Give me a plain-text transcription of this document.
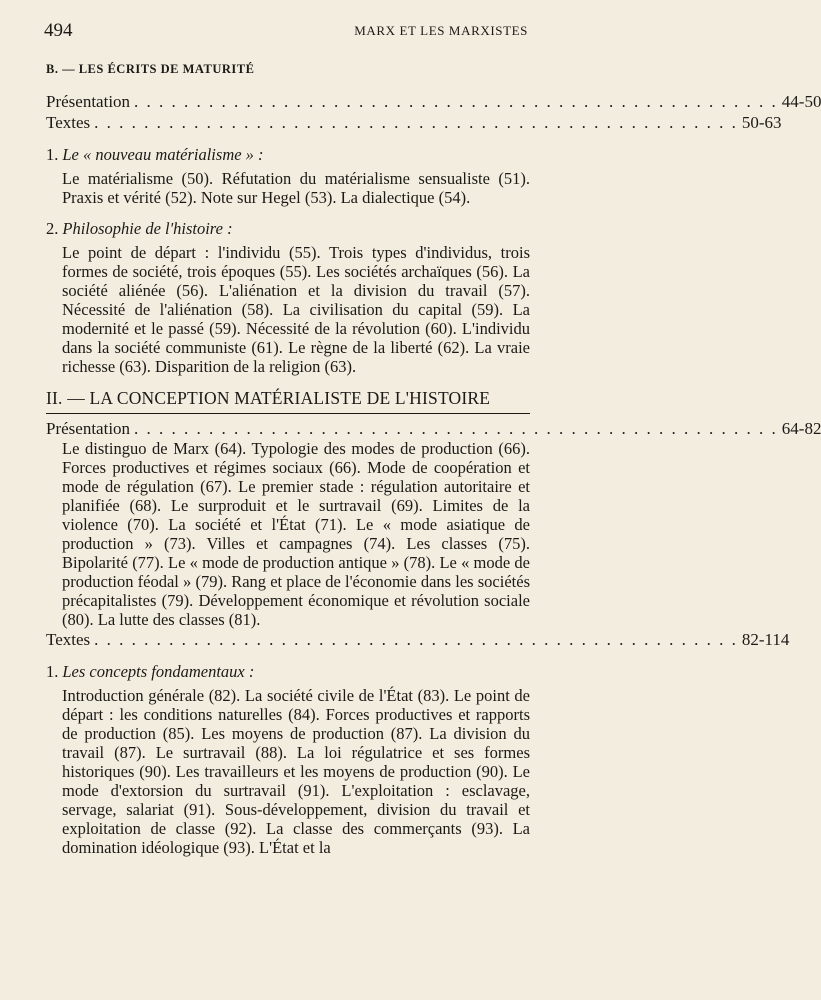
494	MARX ET LES MARXISTES
B. — LES ÉCRITS DE MATURITÉ
Présentation . . . . . . . . . . . . . . . . . . . . . . . . . . . . . . . . . . . . . . . . . . . . . . . . . . . . 44-50
Textes . . . . . . . . . . . . . . . . . . . . . . . . . . . . . . . . . . . . . . . . . . . . . . . . . . . . 50-63
1. Le « nouveau matérialisme » :
Le matérialisme (50). Réfutation du matérialisme sensualiste (51). Praxis et vérité (52). Note sur Hegel (53). La dialectique (54).
2. Philosophie de l'histoire :
Le point de départ : l'individu (55). Trois types d'individus, trois formes de société, trois époques (55). Les sociétés archaïques (56). La société aliénée (56). L'aliénation et la division du travail (57). Nécessité de l'aliénation (58). La civilisation du capital (59). La modernité et le passé (59). Nécessité de la révolution (60). L'individu dans la société communiste (61). Le règne de la liberté (62). La vraie richesse (63). Disparition de la religion (63).
II. — LA CONCEPTION MATÉRIALISTE DE L'HISTOIRE
Présentation . . . . . . . . . . . . . . . . . . . . . . . . . . . . . . . . . . . . . . . . . . . . . . . . . . . . 64-82
Le distinguo de Marx (64). Typologie des modes de production (66). Forces productives et régimes sociaux (66). Mode de coopération et mode de régulation (67). Le premier stade : régulation autoritaire et planifiée (68). Le surproduit et le surtravail (69). Limites de la violence (70). La société et l'État (71). Le « mode asiatique de production » (73). Villes et campagnes (74). Les classes (75). Bipolarité (77). Le « mode de production antique » (78). Le « mode de production féodal » (79). Rang et place de l'économie dans les sociétés précapitalistes (79). Développement économique et révolution sociale (80). La lutte des classes (81).
Textes . . . . . . . . . . . . . . . . . . . . . . . . . . . . . . . . . . . . . . . . . . . . . . . . . . . . 82-114
1. Les concepts fondamentaux :
Introduction générale (82). La société civile de l'État (83). Le point de départ : les conditions naturelles (84). Forces productives et rapports de production (85). Les moyens de production (87). La division du travail (87). Le surtravail (88). La loi régulatrice et ses formes historiques (90). Les travailleurs et les moyens de production (90). Le mode d'extorsion du surtravail (91). L'exploitation : esclavage, servage, salariat (91). Sous-développement, division du travail et exploitation de classe (92). La classe des commerçants (93). La domination idéologique (93). L'État et la
